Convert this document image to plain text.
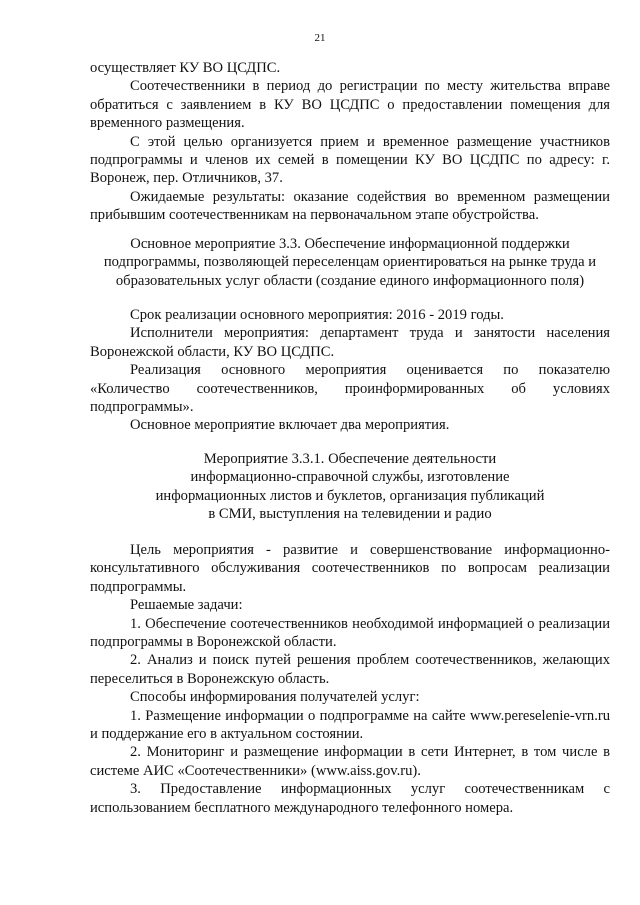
21

осуществляет КУ ВО ЦСДПС.

Соотечественники в период до регистрации по месту жительства вправе обратиться с заявлением в КУ ВО ЦСДПС о предоставлении помещения для временного размещения.

С этой целью организуется прием и временное размещение участников подпрограммы и членов их семей в помещении КУ ВО ЦСДПС по адресу: г. Воронеж, пер. Отличников, 37.

Ожидаемые результаты: оказание содействия во временном размещении прибывшим соотечественникам на первоначальном этапе обустройства.

Основное мероприятие 3.3. Обеспечение информационной поддержки

подпрограммы, позволяющей переселенцам ориентироваться на рынке труда и

образовательных услуг области (создание единого информационного поля)

Срок реализации основного мероприятия: 2016 - 2019 годы.

Исполнители мероприятия: департамент труда и занятости населения Воронежской области, КУ ВО ЦСДПС.

Реализация основного мероприятия оценивается по показателю «Количество соотечественников, проинформированных об условиях подпрограммы».

Основное мероприятие включает два мероприятия.

Мероприятие 3.3.1. Обеспечение деятельности

информационно-справочной службы, изготовление

информационных листов и буклетов, организация публикаций

в СМИ, выступления на телевидении и радио

Цель мероприятия - развитие и совершенствование информационно-консультативного обслуживания соотечественников по вопросам реализации подпрограммы.

Решаемые задачи:

1. Обеспечение соотечественников необходимой информацией о реализации подпрограммы в Воронежской области.

2. Анализ и поиск путей решения проблем соотечественников, желающих переселиться в Воронежскую область.

Способы информирования получателей услуг:

1. Размещение информации о подпрограмме на сайте www.pereselenie-vrn.ru и поддержание его в актуальном состоянии.

2. Мониторинг и размещение информации в сети Интернет, в том числе в системе АИС «Соотечественники» (www.aiss.gov.ru).

3. Предоставление информационных услуг соотечественникам с использованием бесплатного международного телефонного номера.
